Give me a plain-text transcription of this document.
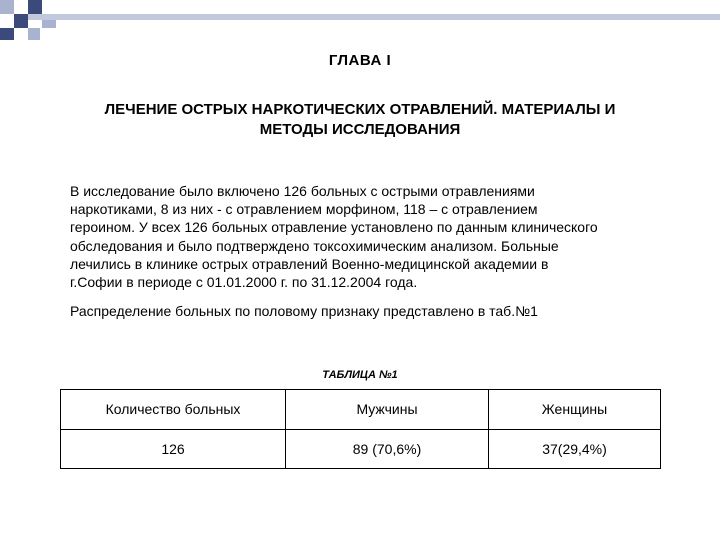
ГЛАВА I
ЛЕЧЕНИЕ ОСТРЫХ НАРКОТИЧЕСКИХ ОТРАВЛЕНИЙ. МАТЕРИАЛЫ И
МЕТОДЫ ИССЛЕДОВАНИЯ
В исследование было включено 126 больных с острыми отравлениями
наркотиками, 8 из них - с отравлением морфином, 118 – с отравлением
героином. У всех 126 больных отравление установлено по данным клинического
обследования и было подтверждено токсохимическим анализом. Больные
лечились в клинике острых отравлений Военно-медицинской академии в
г.Софии в периоде с 01.01.2000 г. по 31.12.2004 года.
Распределение больных по половому признаку представлено в таб.№1
ТАБЛИЦА №1
Количество больных	Мужчины	Женщины
126	89 (70,6%)	37(29,4%)
